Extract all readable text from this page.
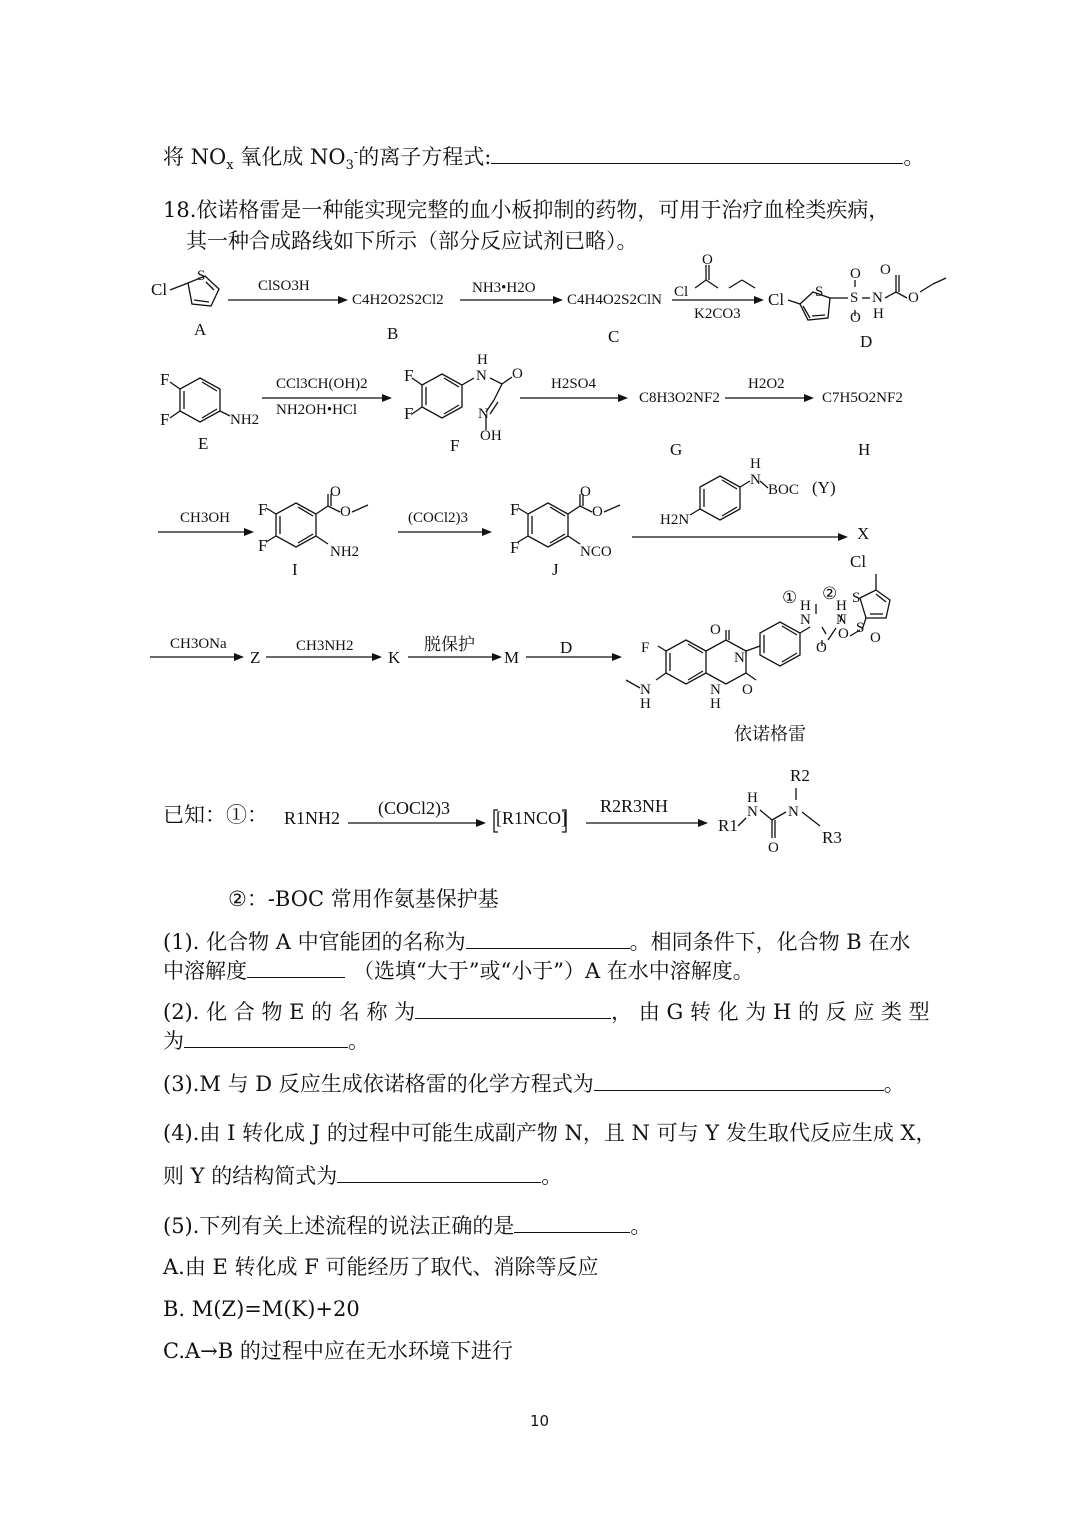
将 $NO_x$ 氧化成 $NO_3^-$的离子方程式:	。
18.依诺格雷是一种能实现完整的血小板抑制的药物，可用于治疗血栓类疾病，
其一种合成路线如下所示（部分反应试剂已略）。
Cl
S
A
ClSO3H
C4H2O2S2Cl2
B
NH3•H2O
C4H4O2S2ClN
C
Cl
O
K2CO3
Cl S S
O
O
N
H
O
O
D
F
F	NH2
E
CCl3CH(OH)2
NH2OH•HCl
F
F
H
N O
N
OH
F
H2SO4
C8H3O2NF2
G
H2O2
C7H5O2NF2
H
CH3OH F
F
O
O
NH2
I
(COCl2)3 F
F
O
O
NCO
J
H
N
BOC (Y)
H2N
X
CH3ONa
Z
CH3NH2
K
脱保护
M
D	F
O
N
O
N
H
N
H
① ②
H
N
O
H
N S
O O
S
Cl
依诺格雷
已知：①： R1NH2 (COCl2)3	[R1NCO]
R2R3NH
R1
R2
R3
H
N N
O
②：-BOC 常用作氨基保护基
(1). 化合物 A 中官能团的名称为	。相同条件下，化合物 B 在水
中溶解度	（选填“大于”或“小于”）A 在水中溶解度。
(2). 化 合 物 E 的 名 称 为	， 由 G 转 化 为 H 的 反 应 类 型
为	。
(3).M 与 D 反应生成依诺格雷的化学方程式为	。
(4).由 I 转化成 J 的过程中可能生成副产物 N，且 N 可与 Y 发生取代反应生成 X，
则 Y 的结构简式为	。
(5).下列有关上述流程的说法正确的是	。
A.由 E 转化成 F 可能经历了取代、消除等反应
B. M(Z)=M(K)+20
C.A→B 的过程中应在无水环境下进行
10
